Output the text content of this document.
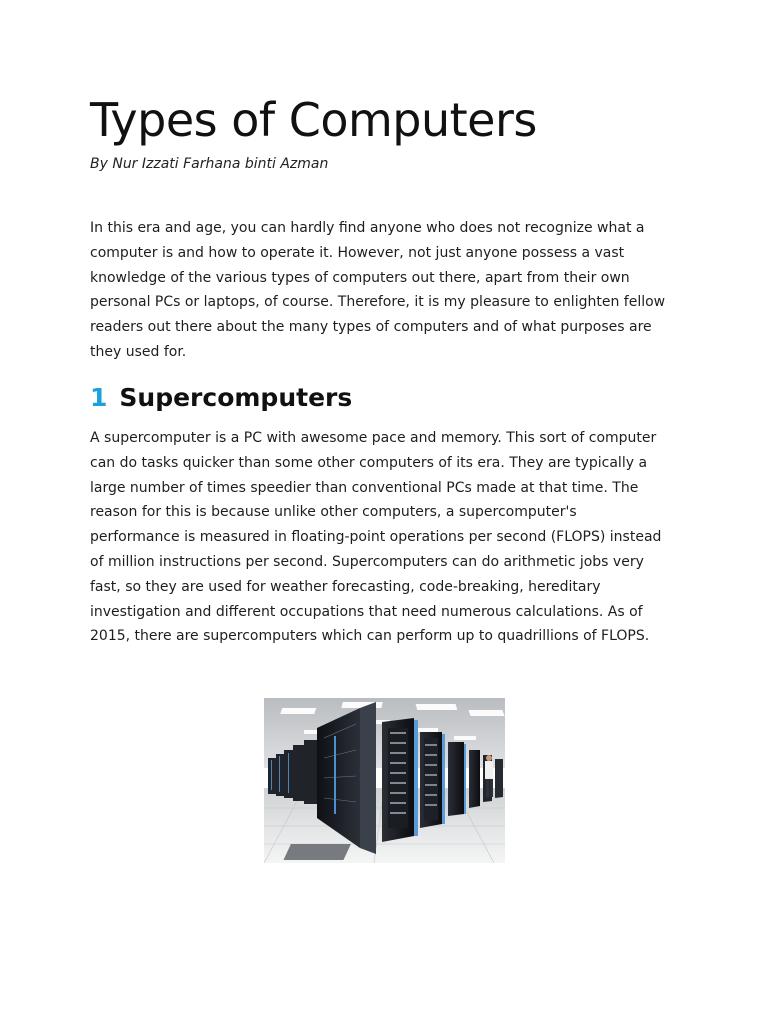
Types of Computers

By Nur Izzati Farhana binti Azman

In this era and age, you can hardly find anyone who does not recognize what a computer is and how to operate it. However, not just anyone possess a vast knowledge of the various types of computers out there, apart from their own personal PCs or laptops, of course. Therefore, it is my pleasure to enlighten fellow readers out there about the many types of computers and of what purposes are they used for.

1 Supercomputers

A supercomputer is a PC with awesome pace and memory. This sort of computer can do tasks quicker than some other computers of its era. They are typically a large number of times speedier than conventional PCs made at that time. The reason for this is because unlike other computers, a supercomputer's performance is measured in floating-point operations per second (FLOPS) instead of million instructions per second. Supercomputers can do arithmetic jobs very fast, so they are used for weather forecasting, code-breaking, hereditary investigation and different occupations that need numerous calculations. As of 2015, there are supercomputers which can perform up to quadrillions of FLOPS.
